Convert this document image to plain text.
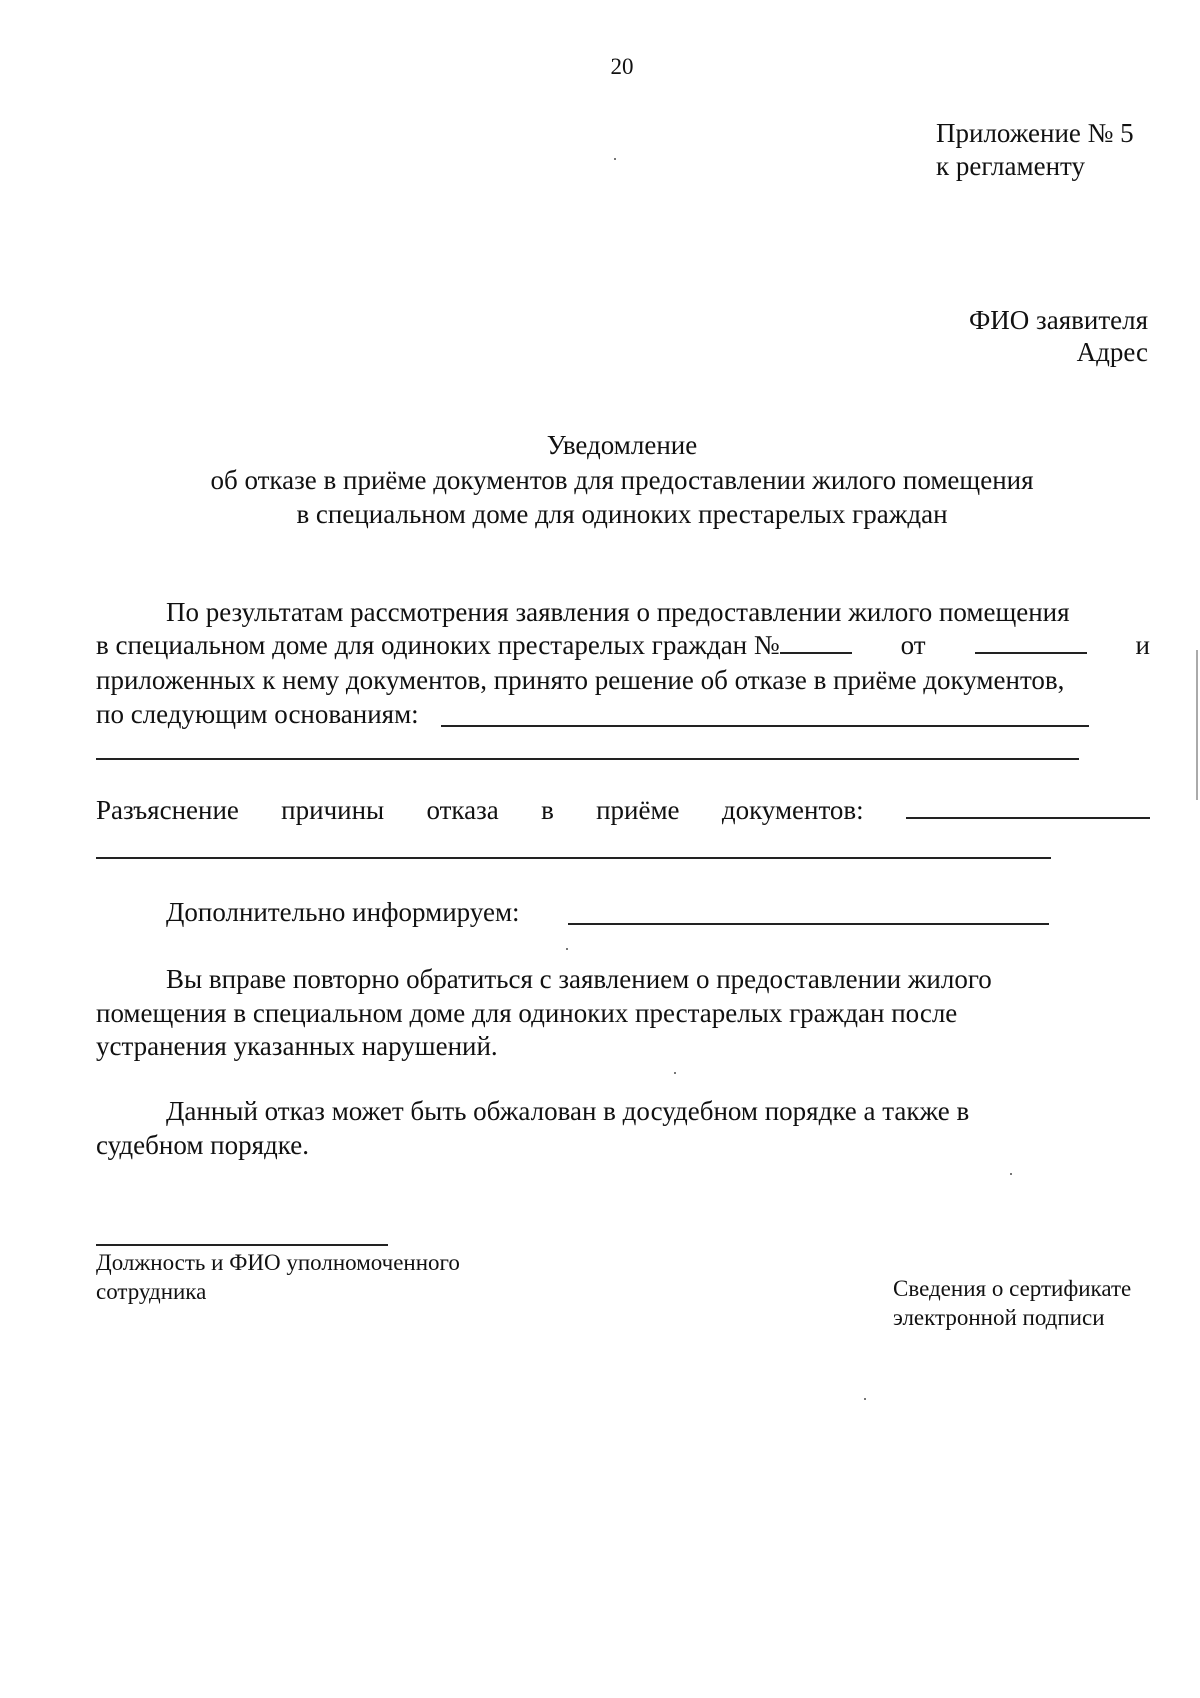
20
Приложение № 5
к регламенту
ФИО заявителя
Адрес
Уведомление
об отказе в приёме документов для предоставлении жилого помещения
в специальном доме для одиноких престарелых граждан
По результатам рассмотрения заявления о предоставлении жилого помещения
в специальном доме для одиноких престарелых граждан №	от	и
приложенных к нему документов, принято решение об отказе в приёме документов,
по следующим основаниям:
Разъяснение причины отказа в приёме документов:
Дополнительно информируем:
Вы вправе повторно обратиться с заявлением о предоставлении жилого
помещения в специальном доме для одиноких престарелых граждан после
устранения указанных нарушений.
Данный отказ может быть обжалован в досудебном порядке а также в
судебном порядке.
Должность и ФИО уполномоченного
сотрудника	Сведения о сертификате
электронной подписи
